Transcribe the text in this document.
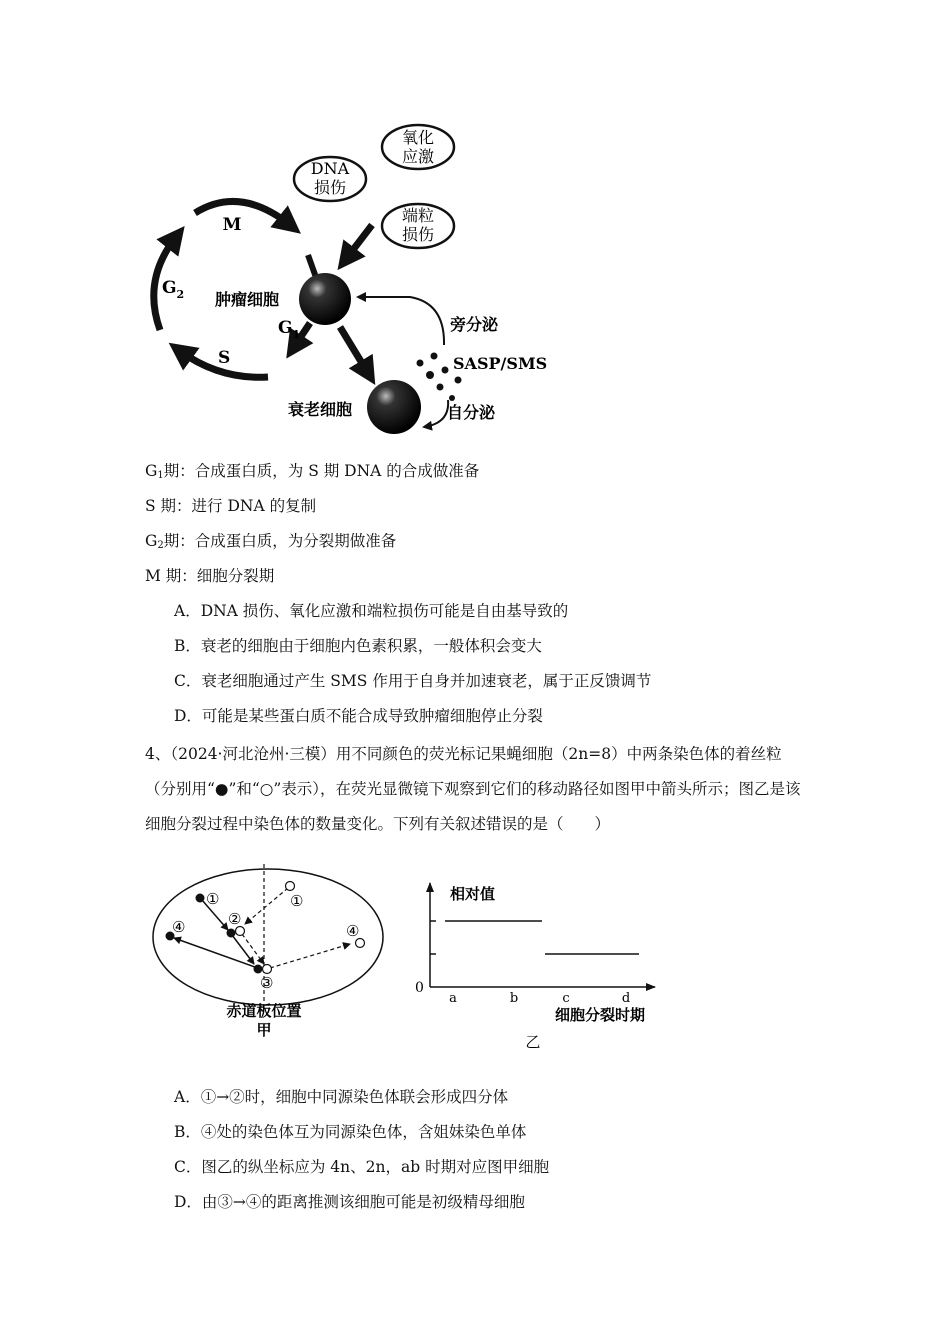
DNA
损伤
氧化
应激
端粒
损伤
M
$G_2$
S
$G_1$
肿瘤细胞
衰老细胞
旁分泌
SASP/SMS
自分泌
$G_1$期：合成蛋白质，为 S 期 DNA 的合成做准备
S 期：进行 DNA 的复制
$G_2$期：合成蛋白质，为分裂期做准备
M 期：细胞分裂期
A．DNA 损伤、氧化应激和端粒损伤可能是自由基导致的
B．衰老的细胞由于细胞内色素积累，一般体积会变大
C．衰老细胞通过产生 SMS 作用于自身并加速衰老，属于正反馈调节
D．可能是某些蛋白质不能合成导致肿瘤细胞停止分裂
4、（2024·河北沧州·三模）用不同颜色的荧光标记果蝇细胞（2n=8）中两条染色体的着丝粒（分别用“●”和“○”表示），在荧光显微镜下观察到它们的移动路径如图甲中箭头所示；图乙是该细胞分裂过程中染色体的数量变化。下列有关叙述错误的是（　　）
①
②
③
④
①
④
赤道板位置
甲
相对值
0
a	b	c	d
细胞分裂时期
乙
A．①→②时，细胞中同源染色体联会形成四分体
B．④处的染色体互为同源染色体，含姐妹染色单体
C．图乙的纵坐标应为 4n、2n，ab 时期对应图甲细胞
D．由③→④的距离推测该细胞可能是初级精母细胞
